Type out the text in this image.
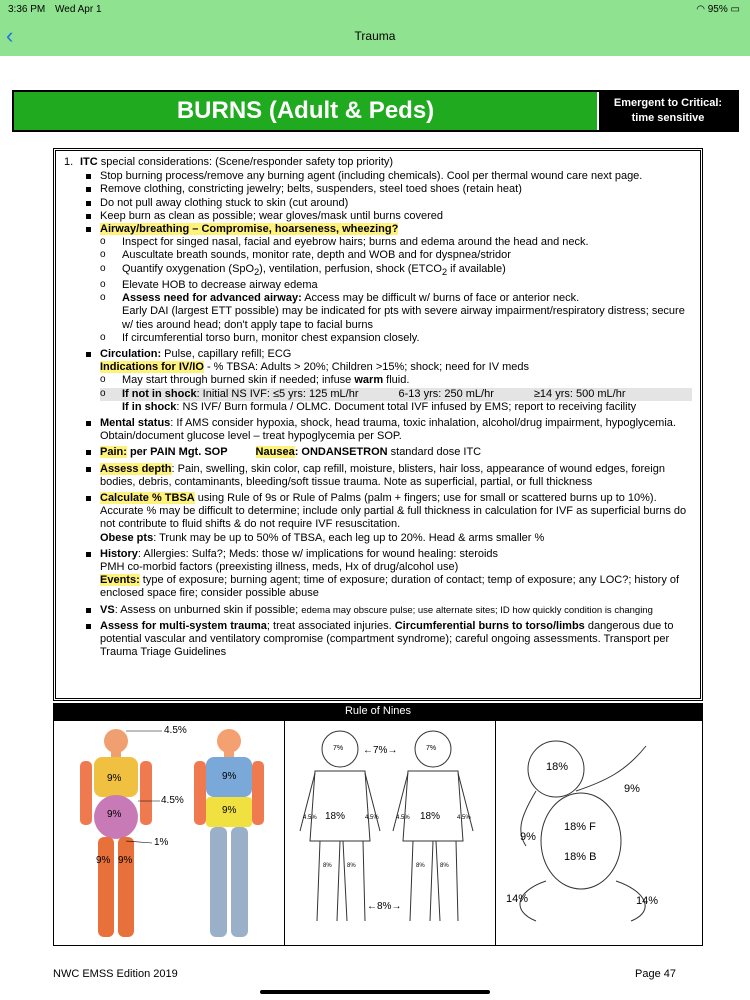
3:36 PM Wed Apr 1	◠ 95% ▭
‹	Trauma
BURNS (Adult & Peds)	Emergent to Critical:
time sensitive
1. ITC special considerations: (Scene/responder safety top priority)
Stop burning process/remove any burning agent (including chemicals). Cool per thermal wound care next page.
Remove clothing, constricting jewelry; belts, suspenders, steel toed shoes (retain heat)
Do not pull away clothing stuck to skin (cut around)
Keep burn as clean as possible; wear gloves/mask until burns covered
Airway/breathing – Compromise, hoarseness, wheezing?
o Inspect for singed nasal, facial and eyebrow hairs; burns and edema around the head and neck.
o Auscultate breath sounds, monitor rate, depth and WOB and for dyspnea/stridor
o Quantify oxygenation (SpO$_2$), ventilation, perfusion, shock ($ETCO_2$ if available)
o Elevate HOB to decrease airway edema
o Assess need for advanced airway: Access may be difficult w/ burns of face or anterior neck.
Early DAI (largest ETT possible) may be indicated for pts with severe airway impairment/respiratory distress; secure w/ ties around head; don't apply tape to facial burns
o If circumferential torso burn, monitor chest expansion closely.
Circulation: Pulse, capillary refill; ECG
Indications for IV/IO - % TBSA: Adults > 20%; Children >15%; shock; need for IV meds
o May start through burned skin if needed; infuse warm fluid.
o If not in shock: Initial NS IVF: ≤5 yrs: 125 mL/hr	6-13 yrs: 250 mL/hr	≥14 yrs: 500 mL/hr
If in shock: NS IVF/ Burn formula / OLMC. Document total IVF infused by EMS; report to receiving facility
Mental status: If AMS consider hypoxia, shock, head trauma, toxic inhalation, alcohol/drug impairment, hypoglycemia. Obtain/document glucose level – treat hypoglycemia per SOP.
Pain: per PAIN Mgt. SOP	Nausea: ONDANSETRON standard dose ITC
Assess depth: Pain, swelling, skin color, cap refill, moisture, blisters, hair loss, appearance of wound edges, foreign bodies, debris, contaminants, bleeding/soft tissue trauma. Note as superficial, partial, or full thickness
Calculate % TBSA using Rule of 9s or Rule of Palms (palm + fingers; use for small or scattered burns up to 10%). Accurate % may be difficult to determine; include only partial & full thickness in calculation for IVF as superficial burns do not contribute to fluid shifts & do not require IVF resuscitation.
Obese pts: Trunk may be up to 50% of TBSA, each leg up to 20%. Head & arms smaller %
History: Allergies: Sulfa?; Meds: those w/ implications for wound healing: steroids
PMH co-morbid factors (preexisting illness, meds, Hx of drug/alcohol use)
Events: type of exposure; burning agent; time of exposure; duration of contact; temp of exposure; any LOC?; history of enclosed space fire; consider possible abuse
VS: Assess on unburned skin if possible; edema may obscure pulse; use alternate sites; ID how quickly condition is changing
Assess for multi-system trauma; treat associated injuries. Circumferential burns to torso/limbs dangerous due to potential vascular and ventilatory compromise (compartment syndrome); careful ongoing assessments. Transport per Trauma Triage Guidelines
Rule of Nines
4.5%
4.5%
9%
9%
1%
9% 9%
9%
9%
7% ←7%→	7%
18%	18%
4.5%	4.5%	4.5%	4.5%
8%	8%	8%	8%
←8%→
18%
9%
9%
18% F
18% B
14%	14%
NWC EMSS Edition 2019	Page 47
